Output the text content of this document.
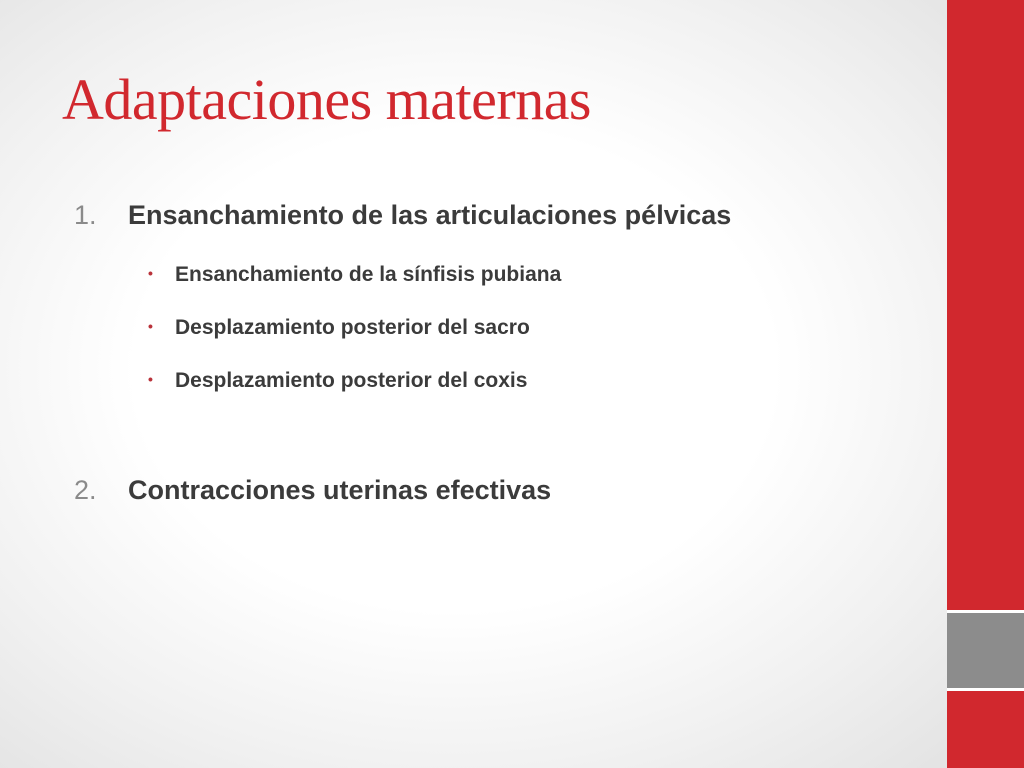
Adaptaciones maternas
1. Ensanchamiento de las articulaciones pélvicas
• Ensanchamiento de la sínfisis pubiana
• Desplazamiento posterior del sacro
• Desplazamiento posterior del coxis
2. Contracciones uterinas efectivas
